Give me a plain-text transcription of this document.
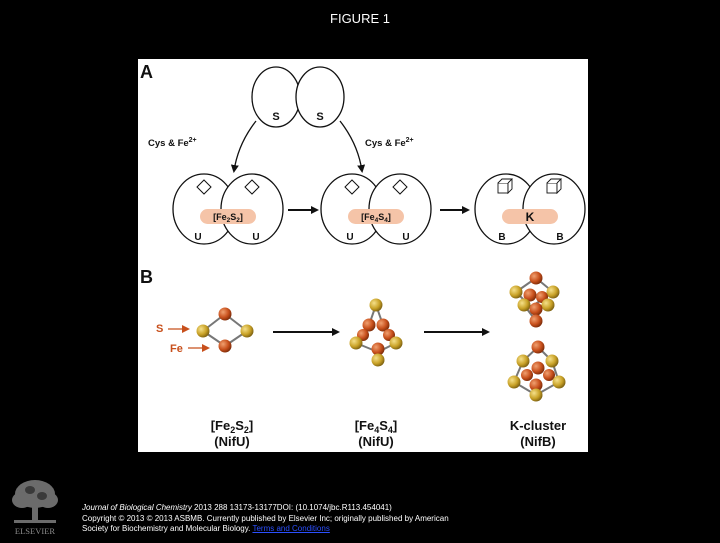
FIGURE 1
A
S	S
Cys & $Fe^{2+}$	Cys & $Fe^{2+}$
$[Fe_2S_2]$
U	U
$[Fe_4S_4]$
U	U
K
B	B
B
S
Fe
$[Fe_2S_2]$
(NifU)
$[Fe_4S_4]$
(NifU)
K-cluster
(NifB)
ELSEVIER
Journal of Biological Chemistry 2013 288 13173-13177DOI: (10.1074/jbc.R113.454041)
Copyright © 2013 © 2013 ASBMB. Currently published by Elsevier Inc; originally published by American
Society for Biochemistry and Molecular Biology. Terms and Conditions
